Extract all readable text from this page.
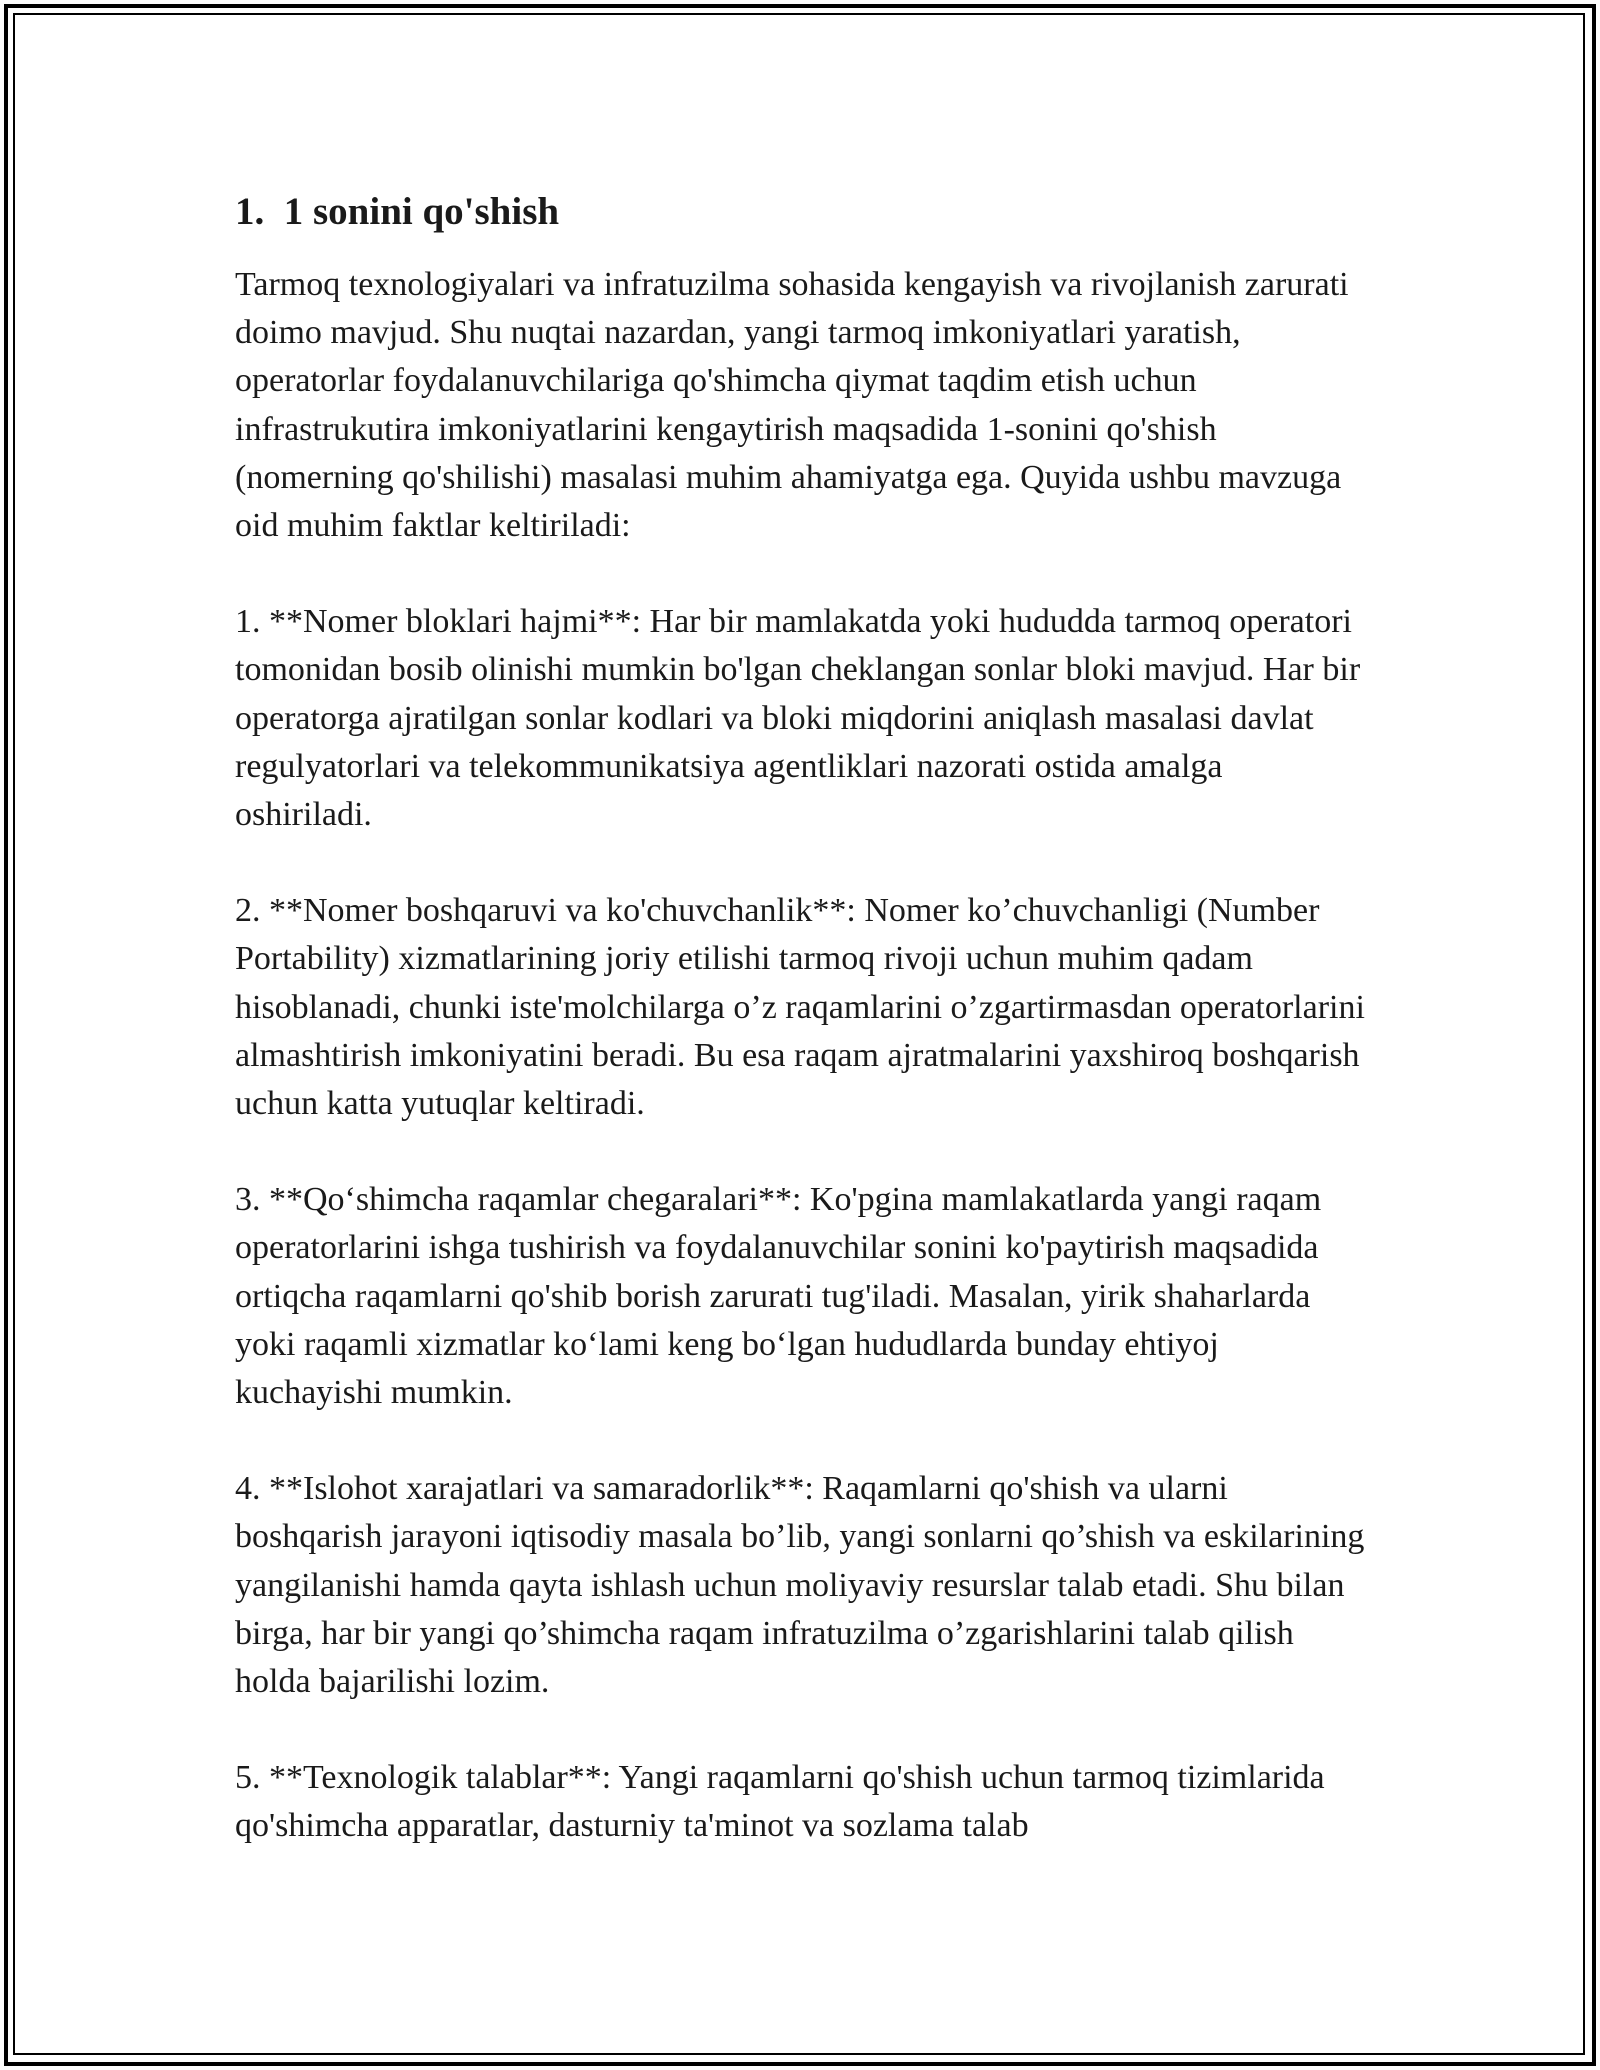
1.  1 sonini qo'shish

Tarmoq texnologiyalari va infratuzilma sohasida kengayish va rivojlanish zarurati doimo mavjud. Shu nuqtai nazardan, yangi tarmoq imkoniyatlari yaratish, operatorlar foydalanuvchilariga qo'shimcha qiymat taqdim etish uchun infrastrukutira imkoniyatlarini kengaytirish maqsadida 1-sonini qo'shish (nomerning qo'shilishi) masalasi muhim ahamiyatga ega. Quyida ushbu mavzuga oid muhim faktlar keltiriladi:

1. **Nomer bloklari hajmi**: Har bir mamlakatda yoki hududda tarmoq operatori tomonidan bosib olinishi mumkin bo'lgan cheklangan sonlar bloki mavjud. Har bir operatorga ajratilgan sonlar kodlari va bloki miqdorini aniqlash masalasi davlat regulyatorlari va telekommunikatsiya agentliklari nazorati ostida amalga oshiriladi.

2. **Nomer boshqaruvi va ko'chuvchanlik**: Nomer ko’chuvchanligi (Number Portability) xizmatlarining joriy etilishi tarmoq rivoji uchun muhim qadam hisoblanadi, chunki iste'molchilarga o’z raqamlarini o’zgartirmasdan operatorlarini almashtirish imkoniyatini beradi. Bu esa raqam ajratmalarini yaxshiroq boshqarish uchun katta yutuqlar keltiradi.

3. **Qo‘shimcha raqamlar chegaralari**: Ko'pgina mamlakatlarda yangi raqam operatorlarini ishga tushirish va foydalanuvchilar sonini ko'paytirish maqsadida ortiqcha raqamlarni qo'shib borish zarurati tug'iladi. Masalan, yirik shaharlarda yoki raqamli xizmatlar ko‘lami keng bo‘lgan hududlarda bunday ehtiyoj kuchayishi mumkin.

4. **Islohot xarajatlari va samaradorlik**: Raqamlarni qo'shish va ularni boshqarish jarayoni iqtisodiy masala bo’lib, yangi sonlarni qo’shish va eskilarining yangilanishi hamda qayta ishlash uchun moliyaviy resurslar talab etadi. Shu bilan birga, har bir yangi qo’shimcha raqam infratuzilma o’zgarishlarini talab qilish holda bajarilishi lozim.

5. **Texnologik talablar**: Yangi raqamlarni qo'shish uchun tarmoq tizimlarida qo'shimcha apparatlar, dasturniy ta'minot va sozlama talab
